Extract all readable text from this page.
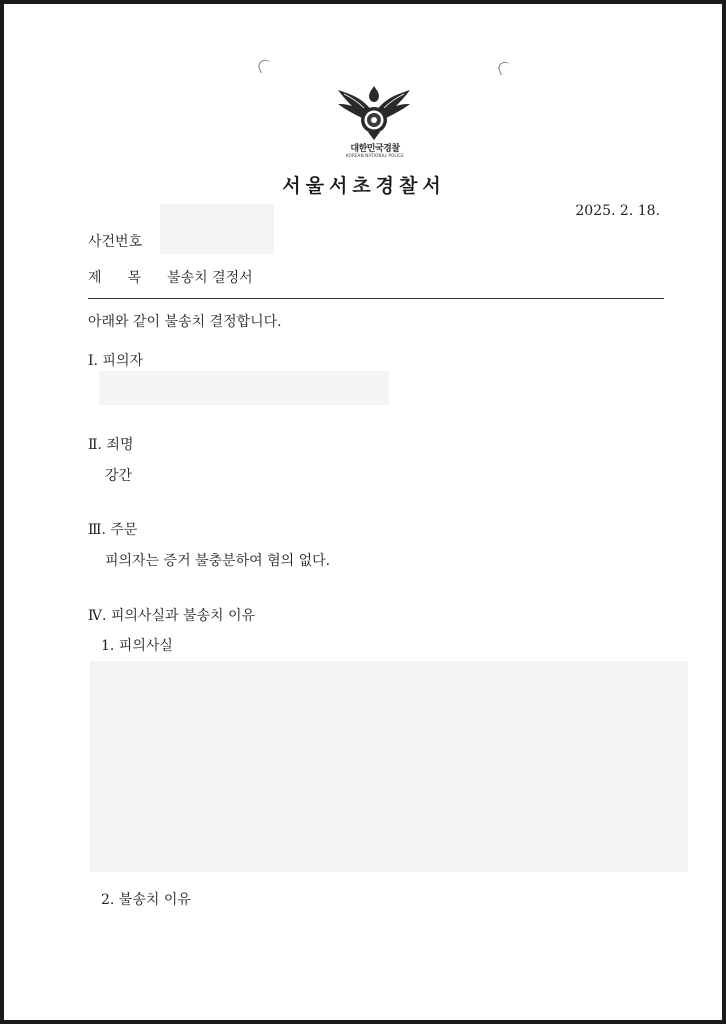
대한민국경찰
KOREAN NATIONAL POLICE
서울서초경찰서
2025. 2. 18.
사건번호
제목불송치 결정서
아래와 같이 불송치 결정합니다.
Ⅰ. 피의자
Ⅱ. 죄명
강간
Ⅲ. 주문
피의자는 증거 불충분하여 혐의 없다.
Ⅳ. 피의사실과 불송치 이유
1. 피의사실
2. 불송치 이유
